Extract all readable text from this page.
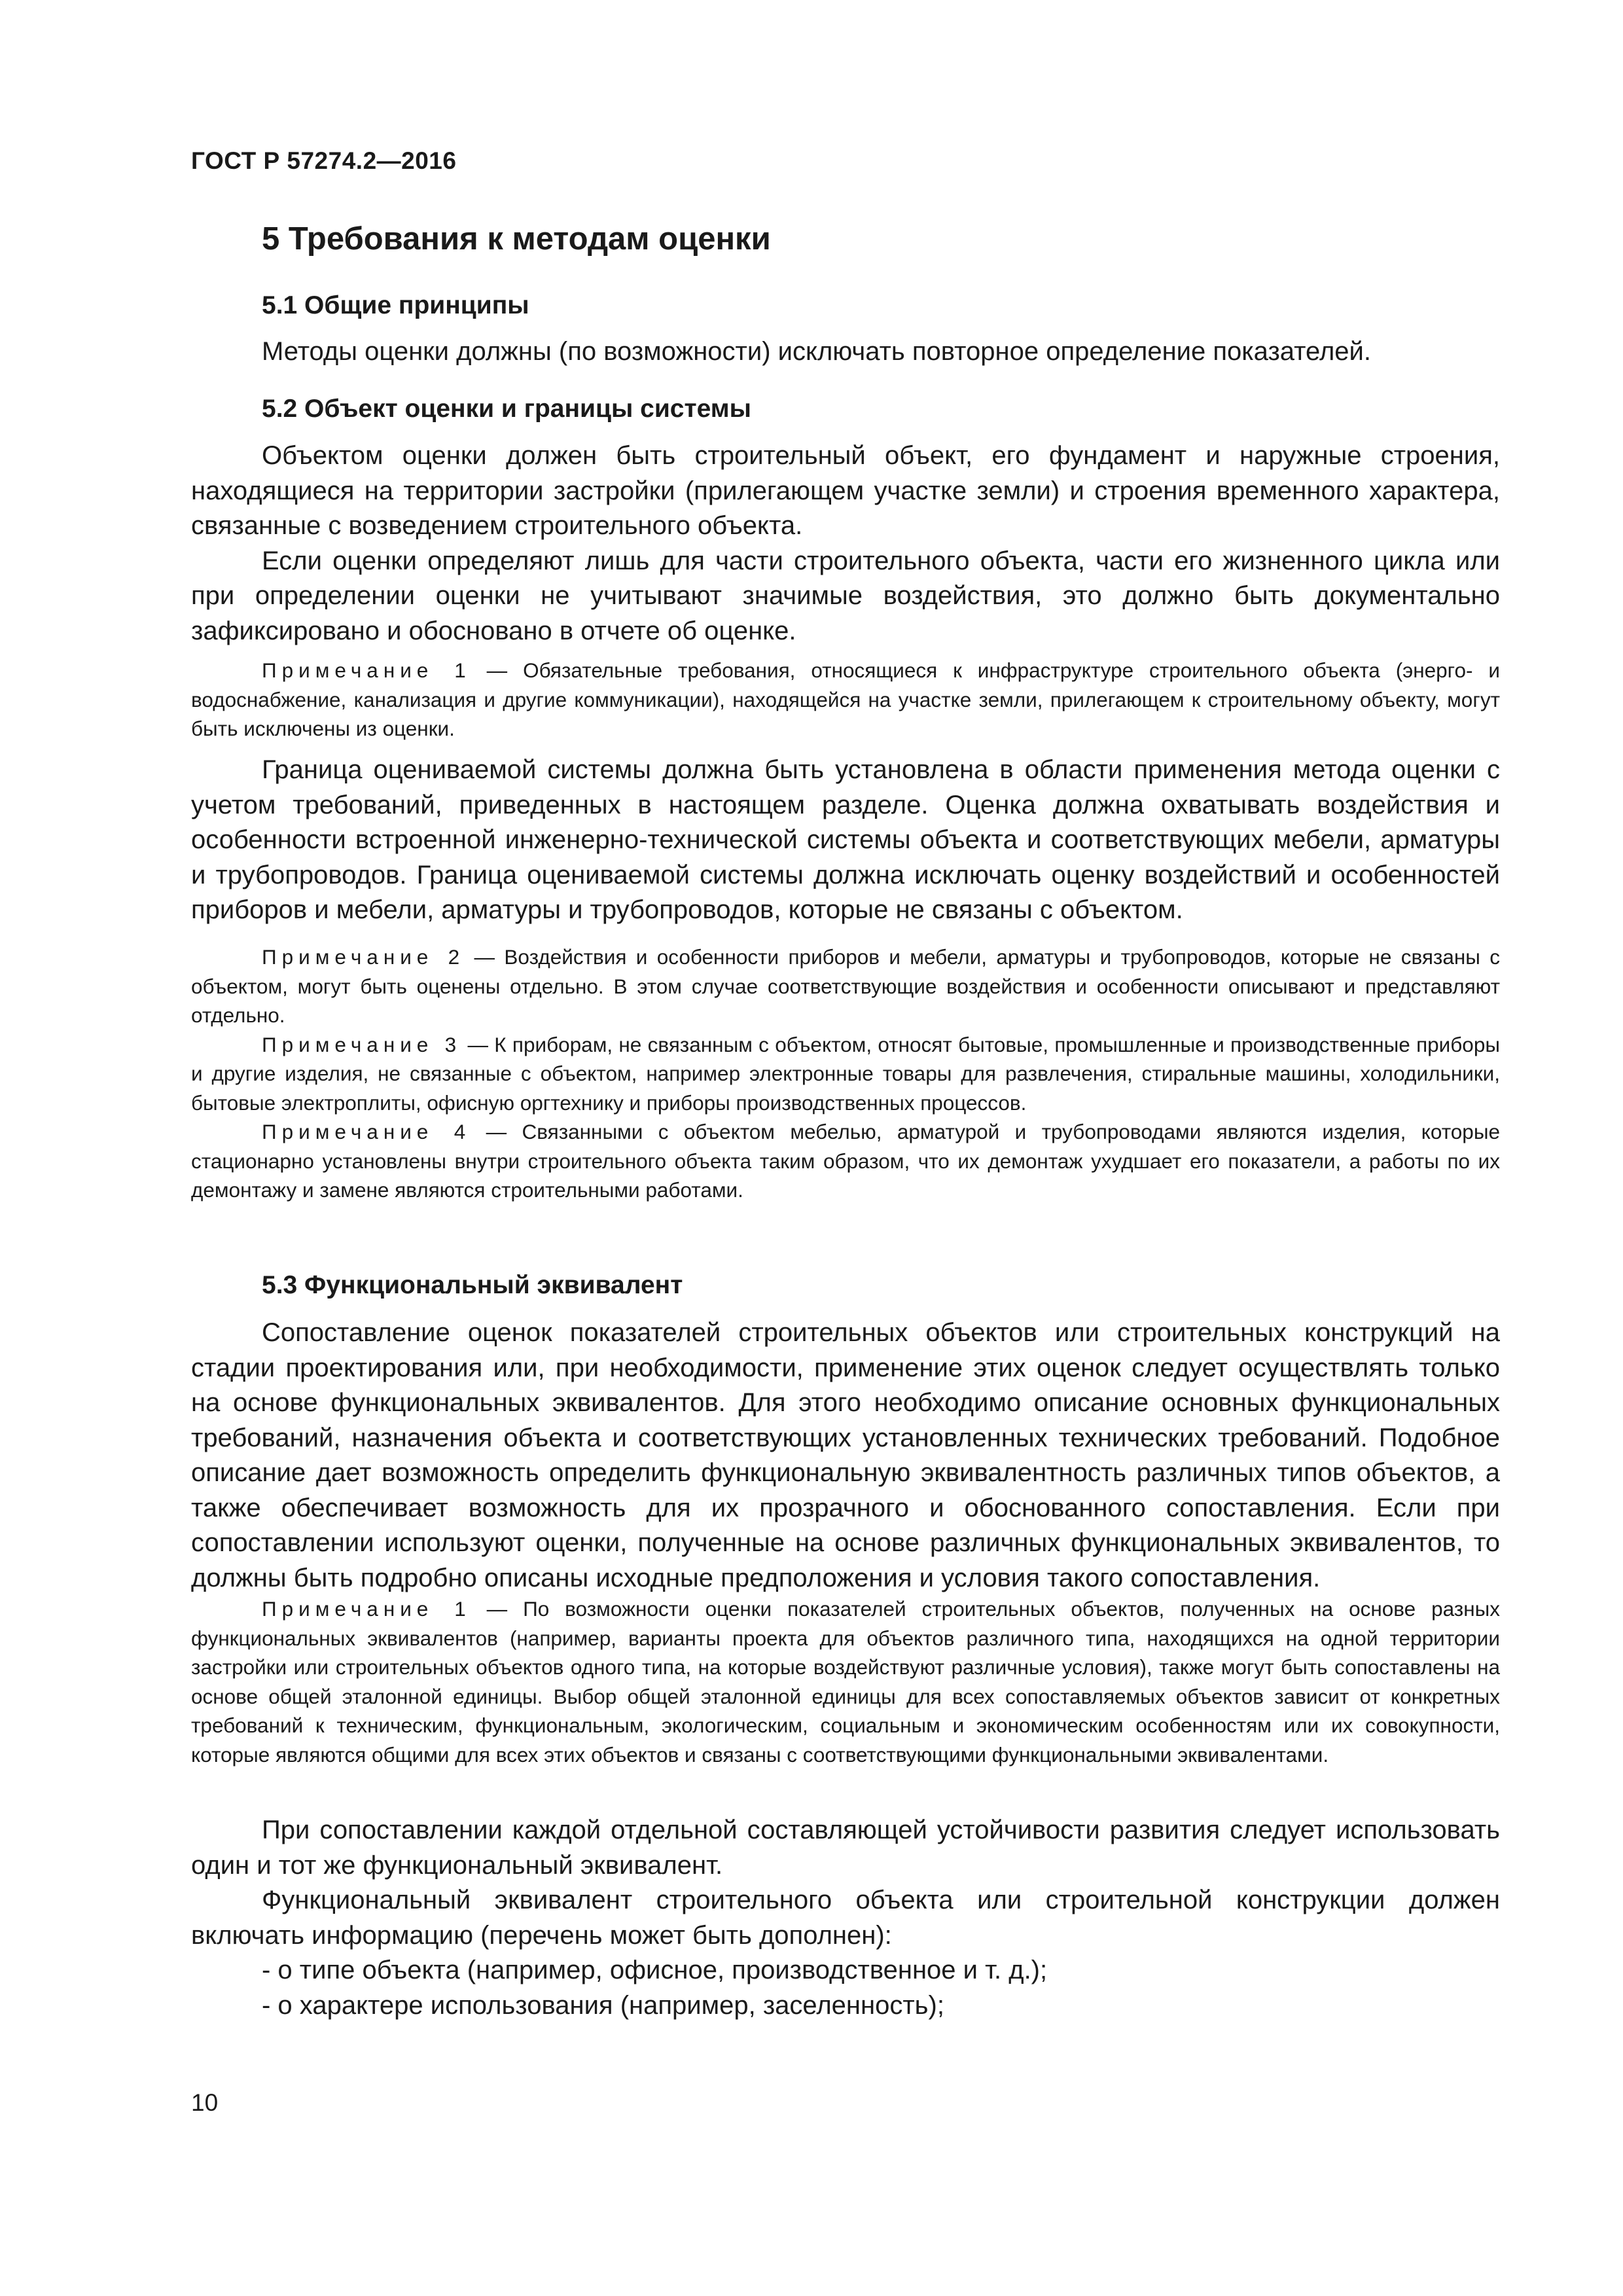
ГОСТ Р 57274.2—2016
5 Требования к методам оценки
5.1 Общие принципы

Методы оценки должны (по возможности) исключать повторное определение показателей.

5.2 Объект оценки и границы системы

Объектом оценки должен быть строительный объект, его фундамент и наружные строения, находящиеся на территории застройки (прилегающем участке земли) и строения временного характера, связанные с возведением строительного объекта.

Если оценки определяют лишь для части строительного объекта, части его жизненного цикла или при определении оценки не учитывают значимые воздействия, это должно быть документально зафиксировано и обосновано в отчете об оценке.

Примечание 1 — Обязательные требования, относящиеся к инфраструктуре строительного объекта (энерго- и водоснабжение, канализация и другие коммуникации), находящейся на участке земли, прилегающем к строительному объекту, могут быть исключены из оценки.

Граница оцениваемой системы должна быть установлена в области применения метода оценки с учетом требований, приведенных в настоящем разделе. Оценка должна охватывать воздействия и особенности встроенной инженерно-технической системы объекта и соответствующих мебели, арматуры и трубопроводов. Граница оцениваемой системы должна исключать оценку воздействий и особенностей приборов и мебели, арматуры и трубопроводов, которые не связаны с объектом.

Примечание 2 — Воздействия и особенности приборов и мебели, арматуры и трубопроводов, которые не связаны с объектом, могут быть оценены отдельно. В этом случае соответствующие воздействия и особенности описывают и представляют отдельно.

Примечание 3 — К приборам, не связанным с объектом, относят бытовые, промышленные и производственные приборы и другие изделия, не связанные с объектом, например электронные товары для развлечения, стиральные машины, холодильники, бытовые электроплиты, офисную оргтехнику и приборы производственных процессов.

Примечание 4 — Связанными с объектом мебелью, арматурой и трубопроводами являются изделия, которые стационарно установлены внутри строительного объекта таким образом, что их демонтаж ухудшает его показатели, а работы по их демонтажу и замене являются строительными работами.

5.3 Функциональный эквивалент

Сопоставление оценок показателей строительных объектов или строительных конструкций на стадии проектирования или, при необходимости, применение этих оценок следует осуществлять только на основе функциональных эквивалентов. Для этого необходимо описание основных функциональных требований, назначения объекта и соответствующих установленных технических требований. Подобное описание дает возможность определить функциональную эквивалентность различных типов объектов, а также обеспечивает возможность для их прозрачного и обоснованного сопоставления. Если при сопоставлении используют оценки, полученные на основе различных функциональных эквивалентов, то должны быть подробно описаны исходные предположения и условия такого сопоставления.

Примечание 1 — По возможности оценки показателей строительных объектов, полученных на основе разных функциональных эквивалентов (например, варианты проекта для объектов различного типа, находящихся на одной территории застройки или строительных объектов одного типа, на которые воздействуют различные условия), также могут быть сопоставлены на основе общей эталонной единицы. Выбор общей эталонной единицы для всех сопоставляемых объектов зависит от конкретных требований к техническим, функциональным, экологическим, социальным и экономическим особенностям или их совокупности, которые являются общими для всех этих объектов и связаны с соответствующими функциональными эквивалентами.

При сопоставлении каждой отдельной составляющей устойчивости развития следует использовать один и тот же функциональный эквивалент.

Функциональный эквивалент строительного объекта или строительной конструкции должен включать информацию (перечень может быть дополнен):

- о типе объекта (например, офисное, производственное и т. д.);

- о характере использования (например, заселенность);

10
